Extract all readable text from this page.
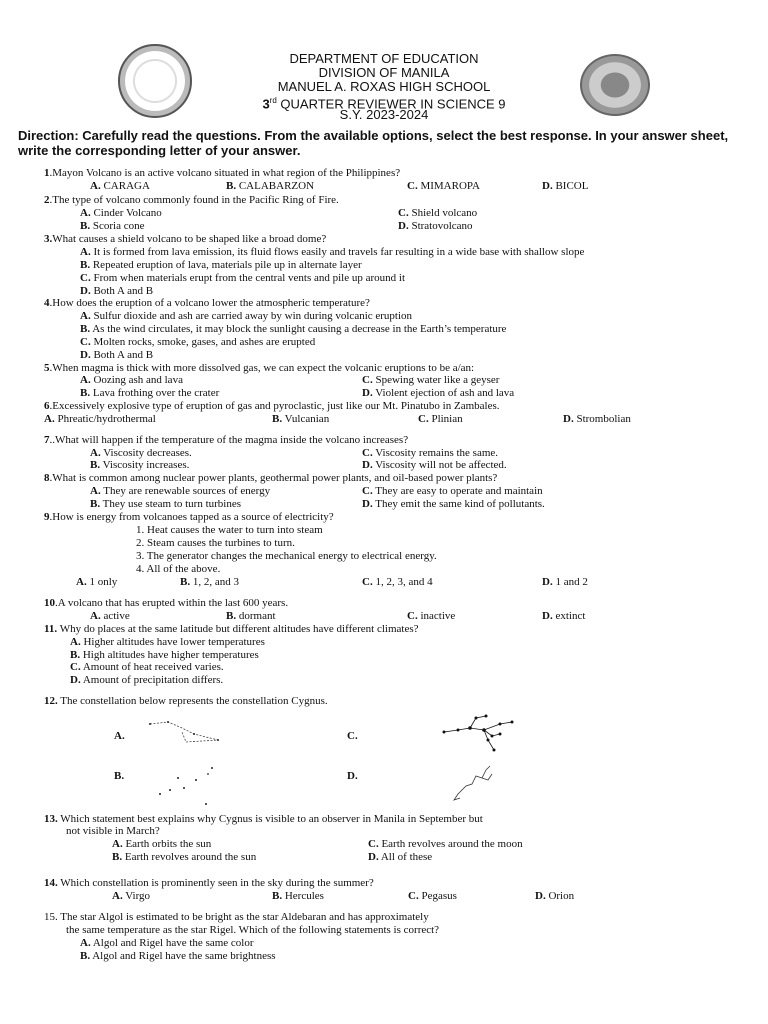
DEPARTMENT OF EDUCATION
DIVISION OF MANILA
MANUEL A. ROXAS HIGH SCHOOL
3rd QUARTER REVIEWER IN SCIENCE 9
S.Y. 2023-2024
Direction: Carefully read the questions. From the available options, select the best response. In your answer sheet, write the corresponding letter of your answer.
1.Mayon Volcano is an active volcano situated in what region of the Philippines?
A. CARAGA	B. CALABARZON	C. MIMAROPA	D. BICOL
2.The type of volcano commonly found in the Pacific Ring of Fire.
A. Cinder Volcano	C. Shield volcano
B. Scoria cone	D. Stratovolcano
3.What causes a shield volcano to be shaped like a broad dome?
A. It is formed from lava emission, its fluid flows easily and travels far resulting in a wide base with shallow slope
B. Repeated eruption of lava, materials pile up in alternate layer
C. From when materials erupt from the central vents and pile up around it
D. Both A and B
4.How does the eruption of a volcano lower the atmospheric temperature?
A. Sulfur dioxide and ash are carried away by win during volcanic eruption
B. As the wind circulates, it may block the sunlight causing a decrease in the Earth’s temperature
C. Molten rocks, smoke, gases, and ashes are erupted
D. Both A and B
5.When magma is thick with more dissolved gas, we can expect the volcanic eruptions to be a/an:
A. Oozing ash and lava	C. Spewing water like a geyser
B. Lava frothing over the crater	D. Violent ejection of ash and lava
6.Excessively explosive type of eruption of gas and pyroclastic, just like our Mt. Pinatubo in Zambales.
A. Phreatic/hydrothermal	B. Vulcanian	C. Plinian	D. Strombolian
7..What will happen if the temperature of the magma inside the volcano increases?
A. Viscosity decreases.	C. Viscosity remains the same.
B. Viscosity increases.	D. Viscosity will not be affected.
8.What is common among nuclear power plants, geothermal power plants, and oil-based power plants?
A. They are renewable sources of energy	C. They are easy to operate and maintain
B. They use steam to turn turbines	D. They emit the same kind of pollutants.
9.How is energy from volcanoes tapped as a source of electricity?
1. Heat causes the water to turn into steam
2. Steam causes the turbines to turn.
3. The generator changes the mechanical energy to electrical energy.
4. All of the above.
A. 1 only	B. 1, 2, and 3	C. 1, 2, 3, and 4	D. 1 and 2
10.A volcano that has erupted within the last 600 years.
A. active	B. dormant	C. inactive	D. extinct
11. Why do places at the same latitude but different altitudes have different climates?
A. Higher altitudes have lower temperatures
B. High altitudes have higher temperatures
C. Amount of heat received varies.
D. Amount of precipitation differs.
12. The constellation below represents the constellation Cygnus.
A.	C.
B.	D.
13. Which statement best explains why Cygnus is visible to an observer in Manila in September but
not visible in March?
A. Earth orbits the sun	C. Earth revolves around the moon
B. Earth revolves around the sun	D. All of these
14. Which constellation is prominently seen in the sky during the summer?
A. Virgo	B. Hercules	C. Pegasus	D. Orion
15. The star Algol is estimated to be bright as the star Aldebaran and has approximately
the same temperature as the star Rigel. Which of the following statements is correct?
A. Algol and Rigel have the same color
B. Algol and Rigel have the same brightness
